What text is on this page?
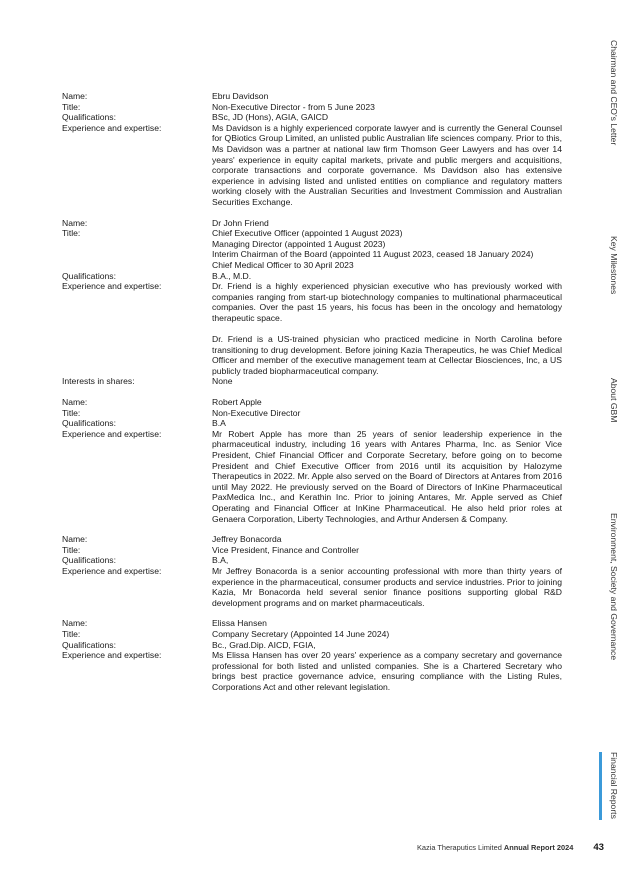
Name:	Ebru Davidson
Title:	Non-Executive Director - from 5 June 2023
Qualifications:	BSc, JD (Hons), AGIA, GAICD
Experience and expertise:	Ms Davidson is a highly experienced corporate lawyer and is currently the General Counsel for QBiotics Group Limited, an unlisted public Australian life sciences company. Prior to this, Ms Davidson was a partner at national law firm Thomson Geer Lawyers and has over 14 years' experience in equity capital markets, private and public mergers and acquisitions, corporate transactions and corporate governance. Ms Davidson also has extensive experience in advising listed and unlisted entities on compliance and regulatory matters working closely with the Australian Securities and Investment Commission and Australian Securities Exchange.
Name:	Dr John Friend
Title:	Chief Executive Officer (appointed 1 August 2023)
Managing Director (appointed 1 August 2023)
Interim Chairman of the Board (appointed 11 August 2023, ceased 18 January 2024)
Chief Medical Officer to 30 April 2023
Qualifications:	B.A., M.D.
Experience and expertise:	Dr. Friend is a highly experienced physician executive who has previously worked with companies ranging from start-up biotechnology companies to multinational pharmaceutical companies. Over the past 15 years, his focus has been in the oncology and hematology therapeutic space.
Dr. Friend is a US-trained physician who practiced medicine in North Carolina before transitioning to drug development. Before joining Kazia Therapeutics, he was Chief Medical Officer and member of the executive management team at Cellectar Biosciences, Inc, a US publicly traded biopharmaceutical company.
Interests in shares:	None
Name:	Robert Apple
Title:	Non-Executive Director
Qualifications:	B.A
Experience and expertise:	Mr Robert Apple has more than 25 years of senior leadership experience in the pharmaceutical industry, including 16 years with Antares Pharma, Inc. as Senior Vice President, Chief Financial Officer and Corporate Secretary, before going on to become President and Chief Executive Officer from 2016 until its acquisition by Halozyme Therapeutics in 2022. Mr. Apple also served on the Board of Directors at Antares from 2016 until May 2022. He previously served on the Board of Directors of InKine Pharmaceutical PaxMedica Inc., and Kerathin Inc. Prior to joining Antares, Mr. Apple served as Chief Operating and Financial Officer at InKine Pharmaceutical. He also held prior roles at Genaera Corporation, Liberty Technologies, and Arthur Andersen & Company.
Name:	Jeffrey Bonacorda
Title:	Vice President, Finance and Controller
Qualifications:	B.A,
Experience and expertise:	Mr Jeffrey Bonacorda is a senior accounting professional with more than thirty years of experience in the pharmaceutical, consumer products and service industries. Prior to joining Kazia, Mr Bonacorda held several senior finance positions supporting global R&D development programs and on market pharmaceuticals.
Name:	Elissa Hansen
Title:	Company Secretary (Appointed 14 June 2024)
Qualifications:	Bc., Grad.Dip. AICD, FGIA,
Experience and expertise:	Ms Elissa Hansen has over 20 years' experience as a company secretary and governance professional for both listed and unlisted companies. She is a Chartered Secretary who brings best practice governance advice, ensuring compliance with the Listing Rules, Corporations Act and other relevant legislation.
Chairman and CEO's Letter
Key Milestones
About GBM
Environment, Society and Governance
Financial Reports
Kazia Theraputics Limited Annual Report 2024 43
